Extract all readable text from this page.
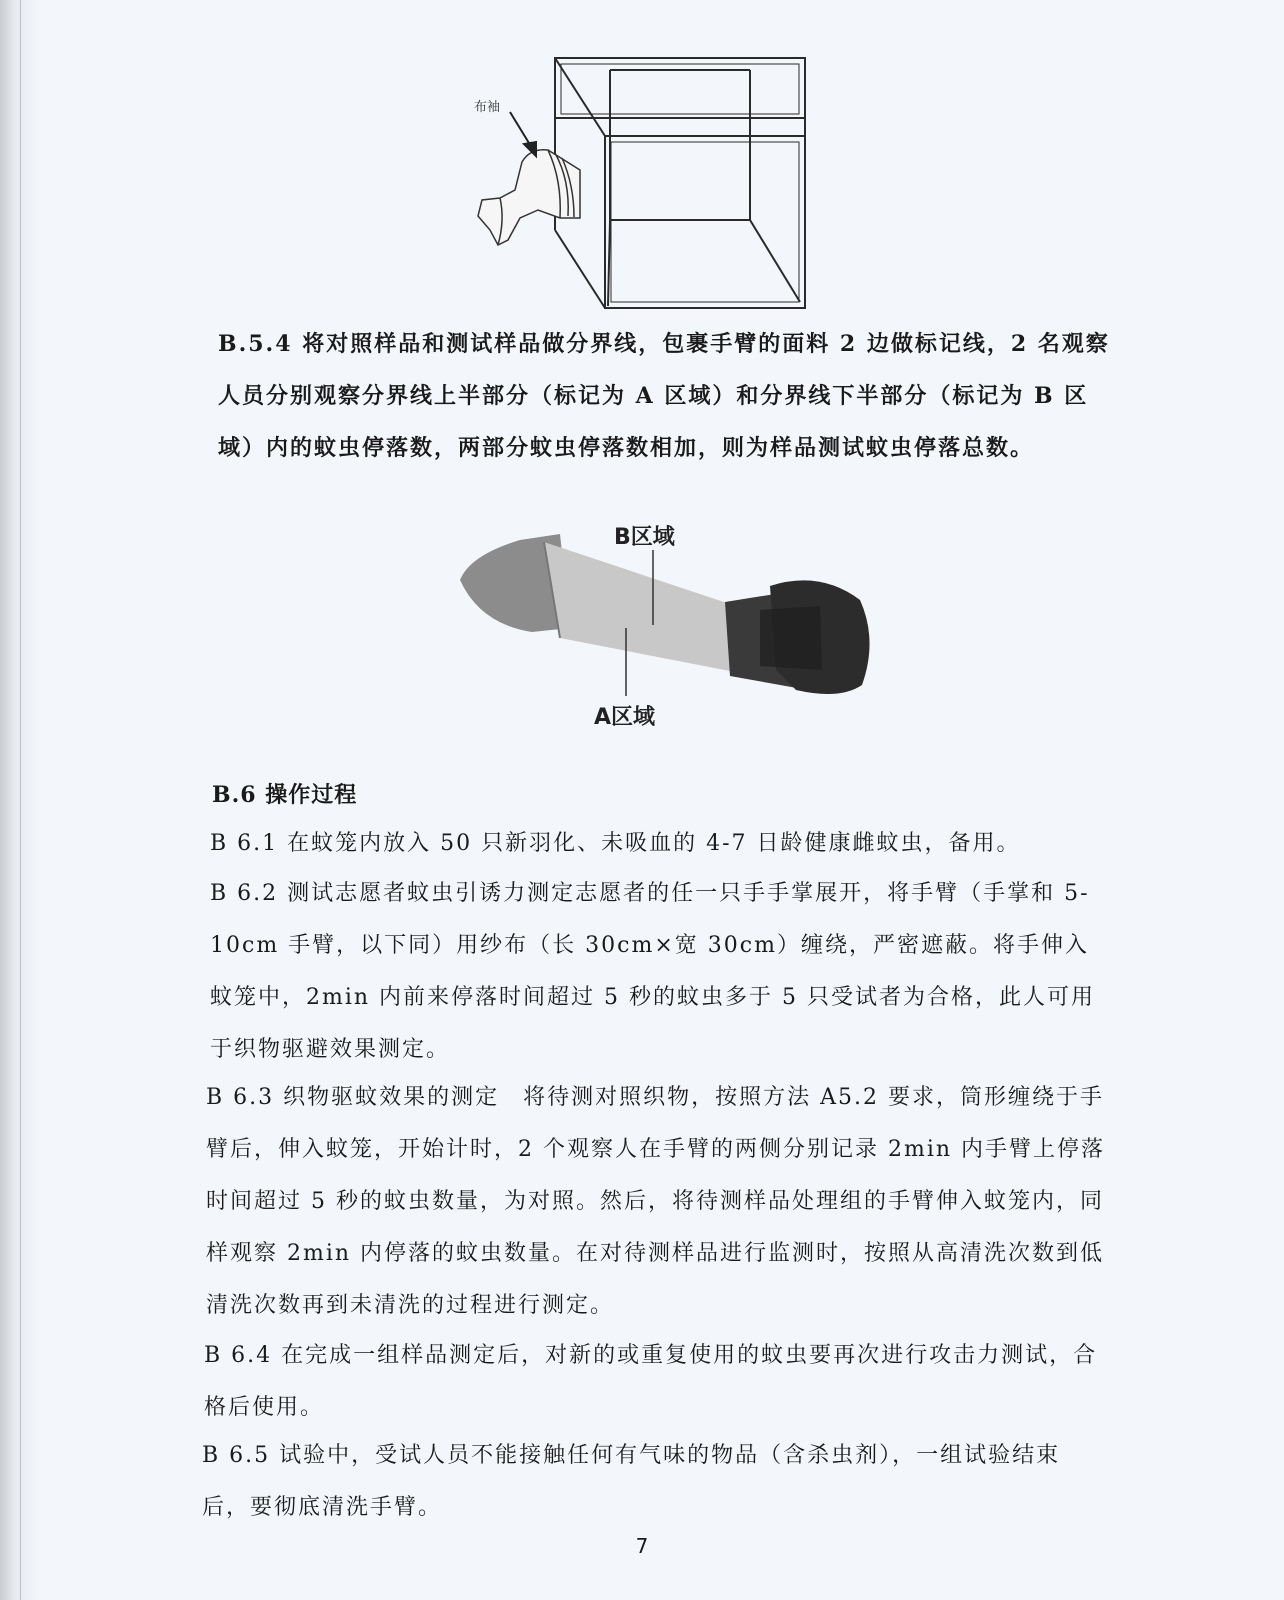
布袖

B.5.4 将对照样品和测试样品做分界线，包裹手臂的面料 2 边做标记线，2 名观察人员分别观察分界线上半部分（标记为 A 区域）和分界线下半部分（标记为 B 区域）内的蚊虫停落数，两部分蚊虫停落数相加，则为样品测试蚊虫停落总数。

B区域
A区域
B.6 操作过程

B 6.1 在蚊笼内放入 50 只新羽化、未吸血的 4-7 日龄健康雌蚊虫，备用。

B 6.2 测试志愿者蚊虫引诱力测定志愿者的任一只手手掌展开，将手臂（手掌和 5-10cm 手臂，以下同）用纱布（长 30cm×宽 30cm）缠绕，严密遮蔽。将手伸入蚊笼中，2min 内前来停落时间超过 5 秒的蚊虫多于 5 只受试者为合格，此人可用于织物驱避效果测定。

B 6.3 织物驱蚊效果的测定　将待测对照织物，按照方法 A5.2 要求，筒形缠绕于手臂后，伸入蚊笼，开始计时，2 个观察人在手臂的两侧分别记录 2min 内手臂上停落时间超过 5 秒的蚊虫数量，为对照。然后，将待测样品处理组的手臂伸入蚊笼内，同样观察 2min 内停落的蚊虫数量。在对待测样品进行监测时，按照从高清洗次数到低清洗次数再到未清洗的过程进行测定。

B 6.4 在完成一组样品测定后，对新的或重复使用的蚊虫要再次进行攻击力测试，合格后使用。

B 6.5 试验中，受试人员不能接触任何有气味的物品（含杀虫剂），一组试验结束后，要彻底清洗手臂。

7
